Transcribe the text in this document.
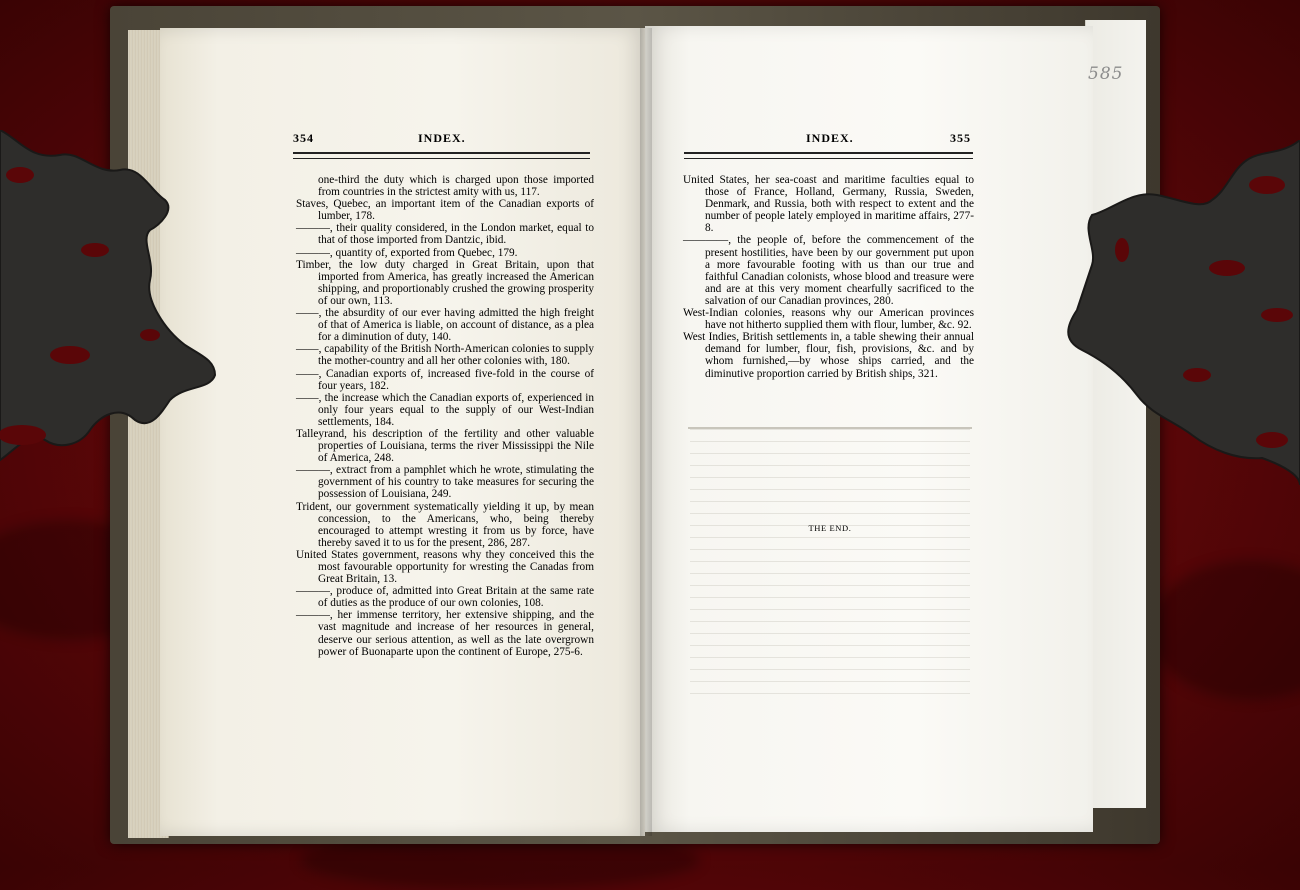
354	INDEX.

one-third the duty which is charged upon those imported from countries in the strictest amity with us, 117.

Staves, Quebec, an important item of the Canadian exports of lumber, 178.

———, their quality considered, in the London market, equal to that of those imported from Dantzic, ibid.

———, quantity of, exported from Quebec, 179.

Timber, the low duty charged in Great Britain, upon that imported from America, has greatly increased the American shipping, and proportionably crushed the growing prosperity of our own, 113.

——, the absurdity of our ever having admitted the high freight of that of America is liable, on account of distance, as a plea for a diminution of duty, 140.

——, capability of the British North-American colonies to supply the mother-country and all her other colonies with, 180.

——, Canadian exports of, increased five-fold in the course of four years, 182.

——, the increase which the Canadian exports of, experienced in only four years equal to the supply of our West-Indian settlements, 184.

Talleyrand, his description of the fertility and other valuable properties of Louisiana, terms the river Mississippi the Nile of America, 248.

———, extract from a pamphlet which he wrote, stimulating the government of his country to take measures for securing the possession of Louisiana, 249.

Trident, our government systematically yielding it up, by mean concession, to the Americans, who, being thereby encouraged to attempt wresting it from us by force, have thereby saved it to us for the present, 286, 287.

United States government, reasons why they conceived this the most favourable opportunity for wresting the Canadas from Great Britain, 13.

———, produce of, admitted into Great Britain at the same rate of duties as the produce of our own colonies, 108.

———, her immense territory, her extensive shipping, and the vast magnitude and increase of her resources in general, deserve our serious attention, as well as the late overgrown power of Buonaparte upon the continent of Europe, 275-6.

585
INDEX.	355

United States, her sea-coast and maritime faculties equal to those of France, Holland, Germany, Russia, Sweden, Denmark, and Russia, both with respect to extent and the number of people lately employed in maritime affairs, 277-8.

————, the people of, before the commencement of the present hostilities, have been by our government put upon a more favourable footing with us than our true and faithful Canadian colonists, whose blood and treasure were and are at this very moment chearfully sacrificed to the salvation of our Canadian provinces, 280.

West-Indian colonies, reasons why our American provinces have not hitherto supplied them with flour, lumber, &c. 92.

West Indies, British settlements in, a table shewing their annual demand for lumber, flour, fish, provisions, &c. and by whom furnished,—by whose ships carried, and the diminutive proportion carried by British ships, 321.

THE END.
